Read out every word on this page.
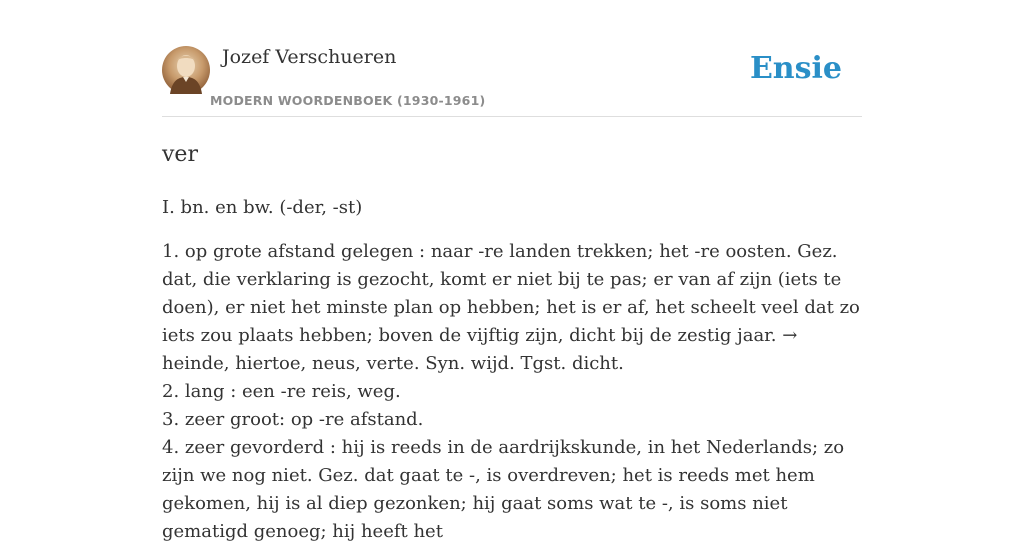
Jozef Verschueren
MODERN WOORDENBOEK (1930-1961)
Ensie
ver
I. bn. en bw. (-der, -st)

1. op grote afstand gelegen : naar -re landen trekken; het -re oosten. Gez. dat, die verklaring is gezocht, komt er niet bij te pas; er van af zijn (iets te doen), er niet het minste plan op hebben; het is er af, het scheelt veel dat zo iets zou plaats hebben; boven de vijftig zijn, dicht bij de zestig jaar. → heinde, hiertoe, neus, verte. Syn. wijd. Tgst. dicht.

2. lang : een -re reis, weg.

3. zeer groot: op -re afstand.

4. zeer gevorderd : hij is reeds in de aardrijkskunde, in het Nederlands; zo zijn we nog niet. Gez. dat gaat te -, is overdreven; het is reeds met hem gekomen, hij is al diep gezonken; hij gaat soms wat te -, is soms niet gematigd genoeg; hij heeft het
